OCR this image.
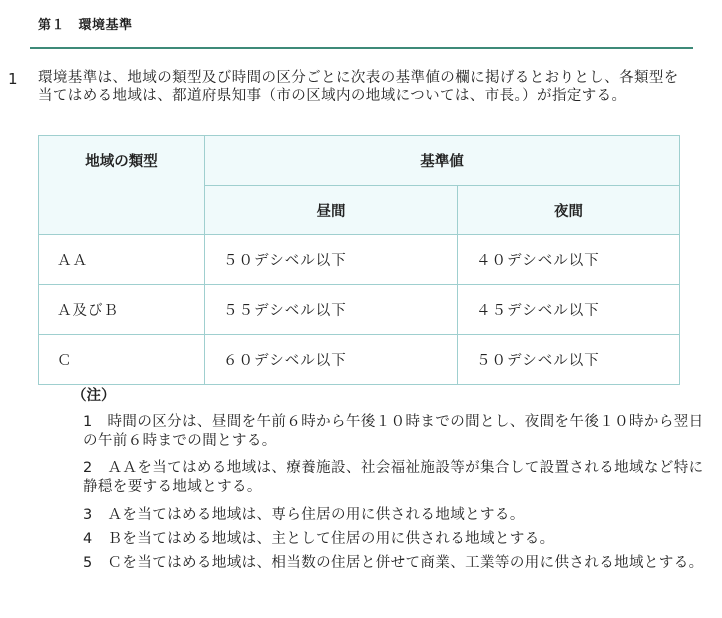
第１　環境基準
1 環境基準は、地域の類型及び時間の区分ごとに次表の基準値の欄に掲げるとおりとし、各類型を当てはめる地域は、都道府県知事（市の区域内の地域については、市長。）が指定する。
地域の類型	基準値	
	昼間	夜間
ＡＡ	５０デシベル以下	４０デシベル以下
Ａ及びＢ	５５デシベル以下	４５デシベル以下
Ｃ	６０デシベル以下	５０デシベル以下
（注）
1　時間の区分は、昼間を午前６時から午後１０時までの間とし、夜間を午後１０時から翌日の午前６時までの間とする。
2　ＡＡを当てはめる地域は、療養施設、社会福祉施設等が集合して設置される地域など特に静穏を要する地域とする。
3　Ａを当てはめる地域は、専ら住居の用に供される地域とする。
4　Ｂを当てはめる地域は、主として住居の用に供される地域とする。
5　Ｃを当てはめる地域は、相当数の住居と併せて商業、工業等の用に供される地域とする。
